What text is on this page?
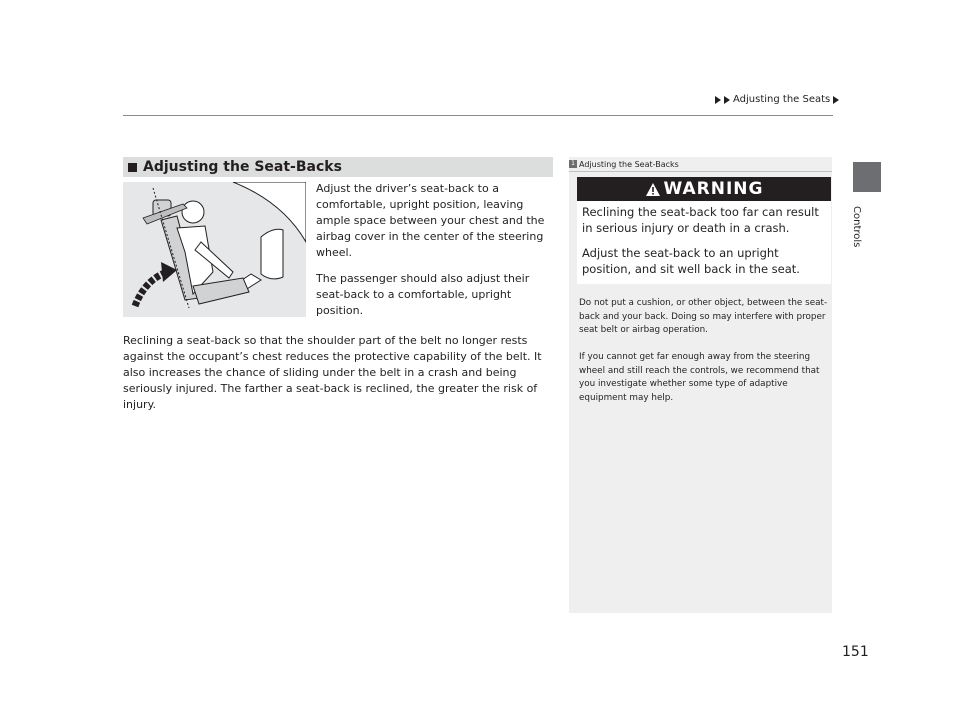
Adjusting the Seats
Controls
Adjusting the Seat-Backs

Adjust the driver’s seat-back to a comfortable, upright position, leaving ample space between your chest and the airbag cover in the center of the steering wheel.

The passenger should also adjust their seat-back to a comfortable, upright position.

Reclining a seat-back so that the shoulder part of the belt no longer rests against the occupant’s chest reduces the protective capability of the belt. It also increases the chance of sliding under the belt in a crash and being seriously injured. The farther a seat-back is reclined, the greater the risk of injury.

1 Adjusting the Seat-Backs
WARNING

Reclining the seat-back too far can result in serious injury or death in a crash.

Adjust the seat-back to an upright position, and sit well back in the seat.

Do not put a cushion, or other object, between the seat-back and your back. Doing so may interfere with proper seat belt or airbag operation.

If you cannot get far enough away from the steering wheel and still reach the controls, we recommend that you investigate whether some type of adaptive equipment may help.

151
